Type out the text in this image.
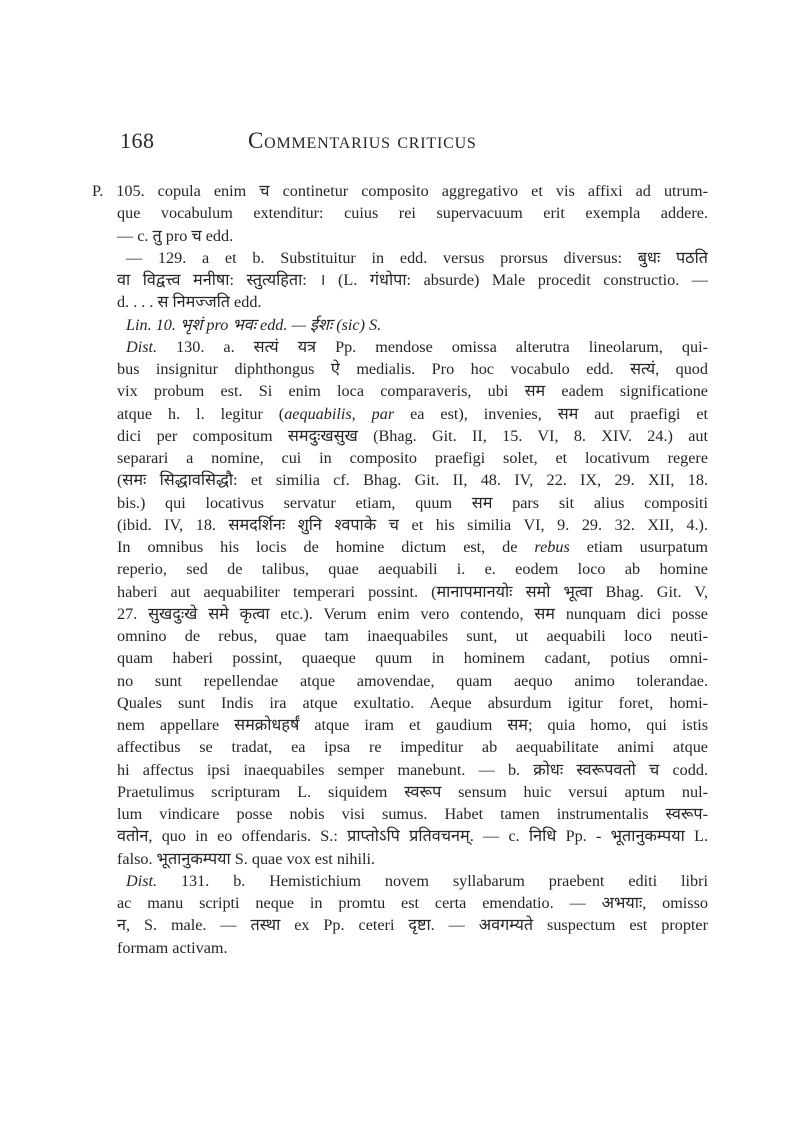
168	Commentarius criticus
P. 105. copula enim च continetur composito aggregativo et vis affixi ad utrum-
que vocabulum extenditur: cuius rei supervacuum erit exempla addere.
— c. तु pro च edd.
— 129. a et b. Substituitur in edd. versus prorsus diversus: बुधः पठति
वा विद्वत्त्व मनीषा: स्तुत्यहिता: । (L. गंधोपा: absurde) Male procedit constructio. —
d. . . . स निमज्जति edd.
Lin. 10. भृशं pro भवः edd. — ईशः (sic) S.
Dist. 130. a. सत्यं यत्र Pp. mendose omissa alterutra lineolarum, qui-
bus insignitur diphthongus ऐ medialis. Pro hoc vocabulo edd. सत्यं, quod
vix probum est. Si enim loca comparaveris, ubi सम eadem significatione
atque h. l. legitur (aequabilis, par ea est), invenies, सम aut praefigi et
dici per compositum समदुःखसुख (Bhag. Git. II, 15. VI, 8. XIV. 24.) aut
separari a nomine, cui in composito praefigi solet, et locativum regere
(समः सिद्धावसिद्धौ: et similia cf. Bhag. Git. II, 48. IV, 22. IX, 29. XII, 18.
bis.) qui locativus servatur etiam, quum सम pars sit alius compositi
(ibid. IV, 18. समदर्शिनः शुनि श्वपाके च et his similia VI, 9. 29. 32. XII, 4.).
In omnibus his locis de homine dictum est, de rebus etiam usurpatum
reperio, sed de talibus, quae aequabili i. e. eodem loco ab homine
haberi aut aequabiliter temperari possint. (मानापमानयोः समो भूत्वा Bhag. Git. V,
27. सुखदुःखे समे कृत्वा etc.). Verum enim vero contendo, सम nunquam dici posse
omnino de rebus, quae tam inaequabiles sunt, ut aequabili loco neuti-
quam haberi possint, quaeque quum in hominem cadant, potius omni-
no sunt repellendae atque amovendae, quam aequo animo tolerandae.
Quales sunt Indis ira atque exultatio. Aeque absurdum igitur foret, homi-
nem appellare समक्रोधहर्षं atque iram et gaudium सम; quia homo, qui istis
affectibus se tradat, ea ipsa re impeditur ab aequabilitate animi atque
hi affectus ipsi inaequabiles semper manebunt. — b. क्रोधः स्वरूपवतो च codd.
Praetulimus scripturam L. siquidem स्वरूप sensum huic versui aptum nul-
lum vindicare posse nobis visi sumus. Habet tamen instrumentalis स्वरूप-
वतोन, quo in eo offendaris. S.: प्राप्तोऽपि प्रतिवचनम्. — c. निधि Pp. - भूतानुकम्पया L.
falso. भूतानुकम्पया S. quae vox est nihili.
Dist. 131. b. Hemistichium novem syllabarum praebent editi libri
ac manu scripti neque in promtu est certa emendatio. — अभयाः, omisso
न, S. male. — तस्था ex Pp. ceteri दृष्टा. — अवगम्यते suspectum est propter
formam activam.
